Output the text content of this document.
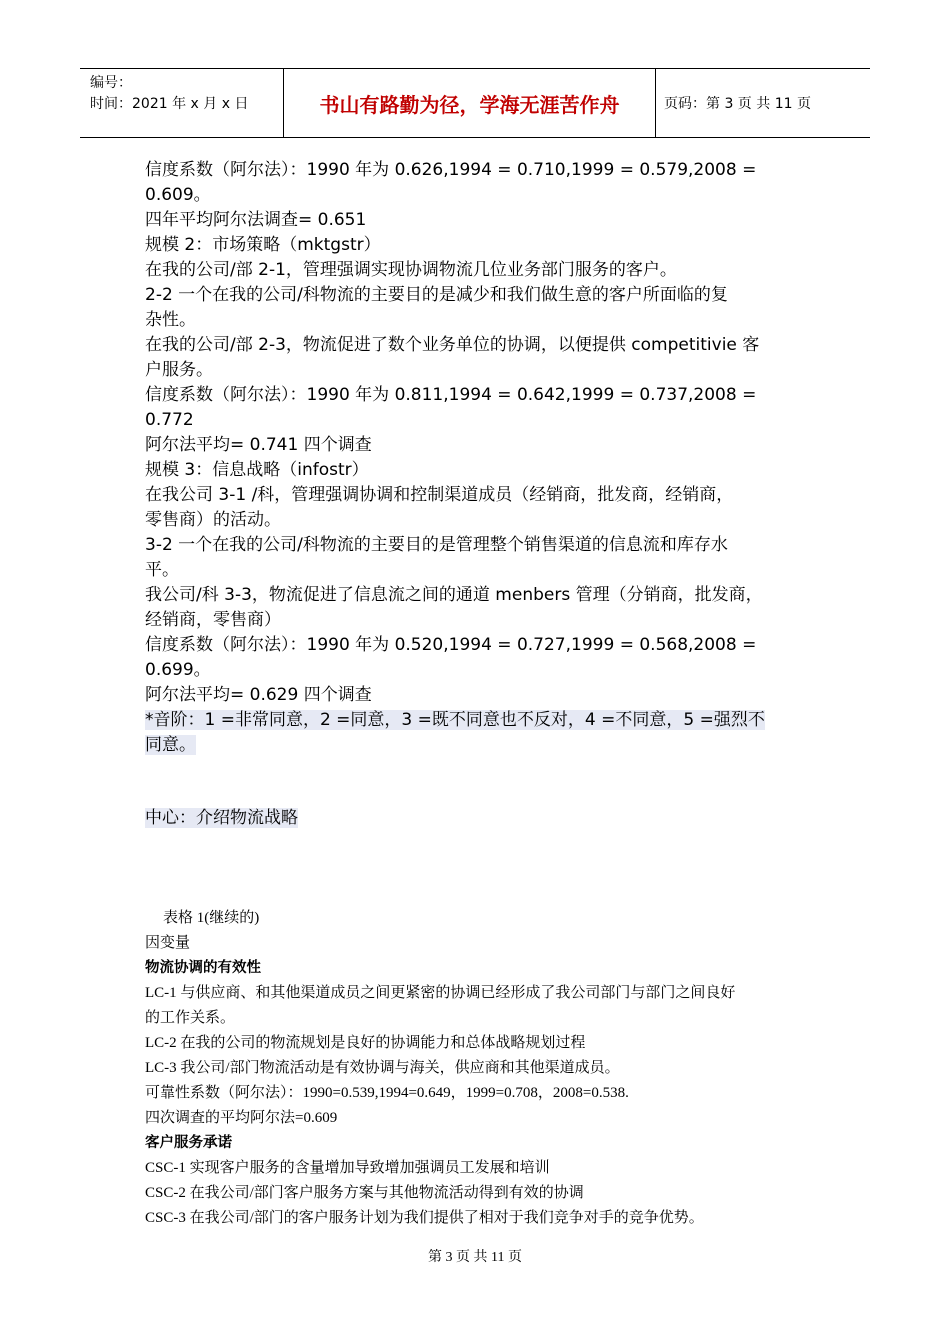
编号：
时间：2021 年 x 月 x 日	书山有路勤为径，学海无涯苦作舟	页码：第 3 页 共 11 页

信度系数（阿尔法）：1990 年为 0.626,1994 = 0.710,1999 = 0.579,2008 =

0.609。

四年平均阿尔法调查= 0.651

规模 2：市场策略（mktgstr）

在我的公司/部 2-1，管理强调实现协调物流几位业务部门服务的客户。

2-2 一个在我的公司/科物流的主要目的是减少和我们做生意的客户所面临的复

杂性。

在我的公司/部 2-3，物流促进了数个业务单位的协调，以便提供 competitivie 客

户服务。

信度系数（阿尔法）：1990 年为 0.811,1994 = 0.642,1999 = 0.737,2008 =

0.772

阿尔法平均= 0.741 四个调查

规模 3：信息战略（infostr）

在我公司 3-1 /科，管理强调协调和控制渠道成员（经销商，批发商，经销商，

零售商）的活动。

3-2 一个在我的公司/科物流的主要目的是管理整个销售渠道的信息流和库存水

平。

我公司/科 3-3，物流促进了信息流之间的通道 menbers 管理（分销商，批发商，

经销商，零售商）

信度系数（阿尔法）：1990 年为 0.520,1994 = 0.727,1999 = 0.568,2008 =

0.699。

阿尔法平均= 0.629 四个调查

*音阶：1 =非常同意，2 =同意，3 =既不同意也不反对，4 =不同意，5 =强烈不

同意。

中心：介绍物流战略

表格 1(继续的)

因变量

物流协调的有效性

LC-1 与供应商、和其他渠道成员之间更紧密的协调已经形成了我公司部门与部门之间良好

的工作关系。

LC-2 在我的公司的物流规划是良好的协调能力和总体战略规划过程

LC-3 我公司/部门物流活动是有效协调与海关，供应商和其他渠道成员。

可靠性系数（阿尔法）：1990=0.539,1994=0.649，1999=0.708，2008=0.538.

四次调查的平均阿尔法=0.609

客户服务承诺

CSC-1 实现客户服务的含量增加导致增加强调员工发展和培训

CSC-2 在我公司/部门客户服务方案与其他物流活动得到有效的协调

CSC-3 在我公司/部门的客户服务计划为我们提供了相对于我们竞争对手的竞争优势。

第 3 页 共 11 页
